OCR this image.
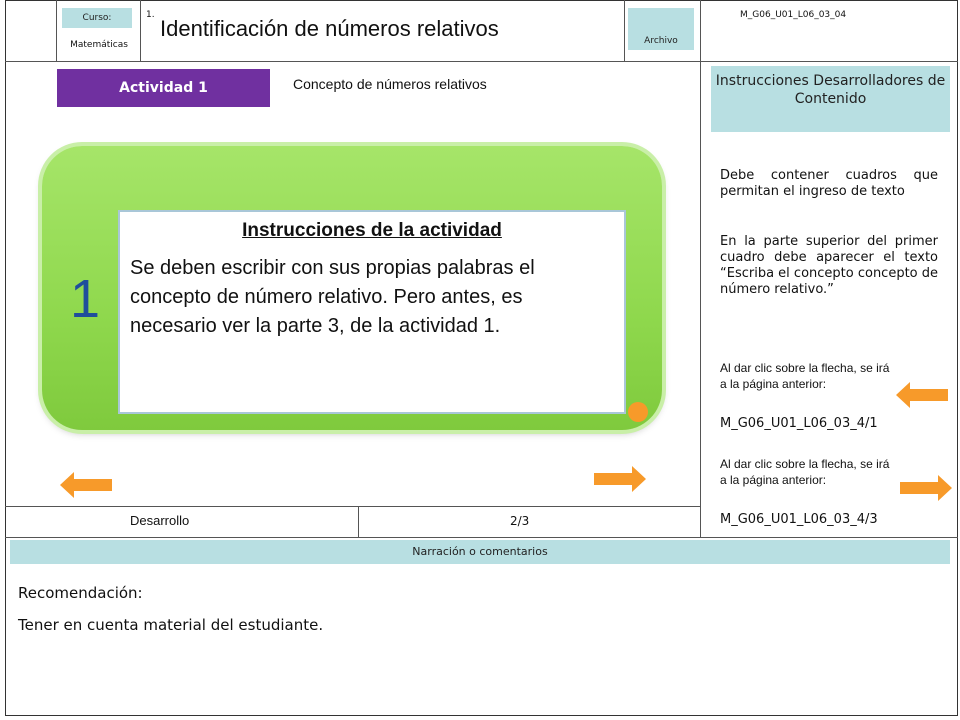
Curso:
Matemáticas
1.
Identificación de números relativos	Archivo
M_G06_U01_L06_03_04
Actividad 1	Concepto de números relativos
1
Instrucciones de la actividad
Se deben escribir con sus propias palabras el concepto de número relativo. Pero antes, es necesario ver la parte 3, de la actividad 1.
Desarrollo	2/3
Instrucciones Desarrolladores de Contenido
Debe contener cuadros que permitan el ingreso de texto
En la parte superior del primer cuadro debe aparecer el texto “Escriba el concepto concepto de número relativo.”
Al dar clic sobre la flecha, se irá a la página anterior:
M_G06_U01_L06_03_4/1
Al dar clic sobre la flecha, se irá a la página anterior:
M_G06_U01_L06_03_4/3
Narración o comentarios
Recomendación:
Tener en cuenta material del estudiante.
